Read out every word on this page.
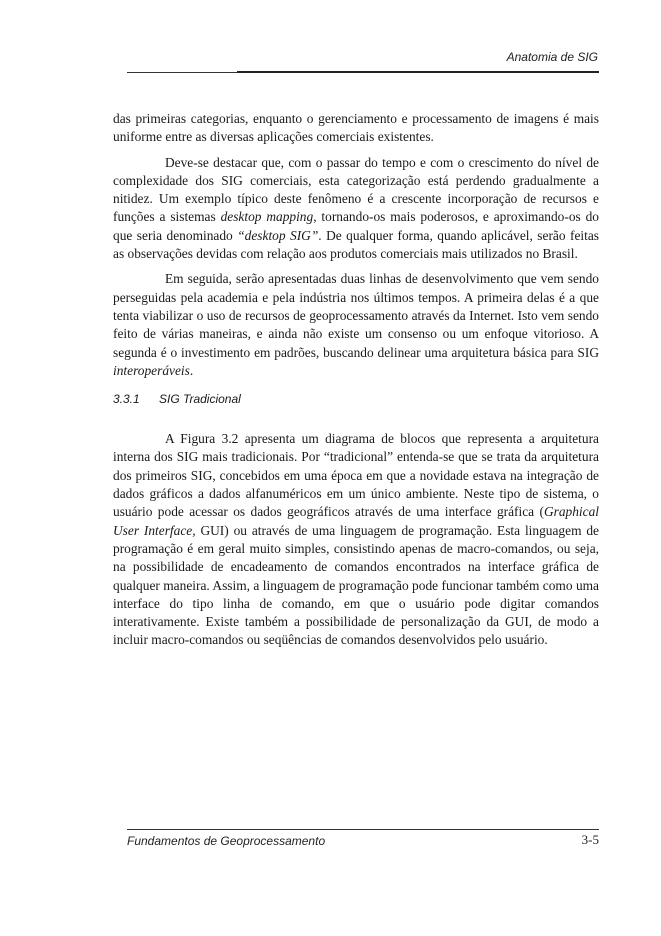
Anatomia de SIG

das primeiras categorias, enquanto o gerenciamento e processamento de imagens é mais uniforme entre as diversas aplicações comerciais existentes.

Deve-se destacar que, com o passar do tempo e com o crescimento do nível de complexidade dos SIG comerciais, esta categorização está perdendo gradualmente a nitidez. Um exemplo típico deste fenômeno é a crescente incorporação de recursos e funções a sistemas desktop mapping, tornando-os mais poderosos, e aproximando-os do que seria denominado “desktop SIG”. De qualquer forma, quando aplicável, serão feitas as observações devidas com relação aos produtos comerciais mais utilizados no Brasil.

Em seguida, serão apresentadas duas linhas de desenvolvimento que vem sendo perseguidas pela academia e pela indústria nos últimos tempos. A primeira delas é a que tenta viabilizar o uso de recursos de geoprocessamento através da Internet. Isto vem sendo feito de várias maneiras, e ainda não existe um consenso ou um enfoque vitorioso. A segunda é o investimento em padrões, buscando delinear uma arquitetura básica para SIG interoperáveis.

3.3.1 SIG Tradicional

A Figura 3.2 apresenta um diagrama de blocos que representa a arquitetura interna dos SIG mais tradicionais. Por “tradicional” entenda-se que se trata da arquitetura dos primeiros SIG, concebidos em uma época em que a novidade estava na integração de dados gráficos a dados alfanuméricos em um único ambiente. Neste tipo de sistema, o usuário pode acessar os dados geográficos através de uma interface gráfica (Graphical User Interface, GUI) ou através de uma linguagem de programação. Esta linguagem de programação é em geral muito simples, consistindo apenas de macro-comandos, ou seja, na possibilidade de encadeamento de comandos encontrados na interface gráfica de qualquer maneira. Assim, a linguagem de programação pode funcionar também como uma interface do tipo linha de comando, em que o usuário pode digitar comandos interativamente. Existe também a possibilidade de personalização da GUI, de modo a incluir macro-comandos ou seqüências de comandos desenvolvidos pelo usuário.

Fundamentos de Geoprocessamento	3-5
